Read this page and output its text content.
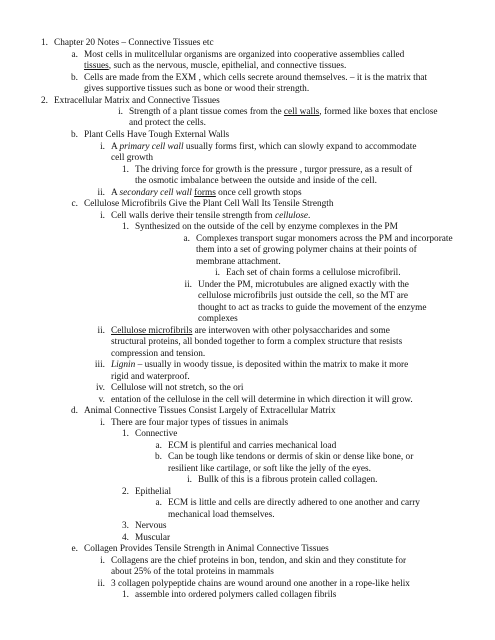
1. Chapter 20 Notes – Connective Tissues etc
a. Most cells in mulitcellular organisms are organized into cooperative assemblies called
tissues, such as the nervous, muscle, epithelial, and connective tissues.
b. Cells are made from the EXM , which cells secrete around themselves. – it is the matrix that
gives supportive tissues such as bone or wood their strength.
2. Extracellular Matrix and Connective Tissues
i. Strength of a plant tissue comes from the cell walls, formed like boxes that enclose
and protect the cells.
b. Plant Cells Have Tough External Walls
i. A primary cell wall usually forms first, which can slowly expand to accommodate
cell growth
1. The driving force for growth is the pressure , turgor pressure, as a result of
the osmotic imbalance between the outside and inside of the cell.
ii. A secondary cell wall forms once cell growth stops
c. Cellulose Microfibrils Give the Plant Cell Wall Its Tensile Strength
i. Cell walls derive their tensile strength from cellulose.
1. Synthesized on the outside of the cell by enzyme complexes in the PM
a. Complexes transport sugar monomers across the PM and incorporate
them into a set of growing polymer chains at their points of
membrane attachment.
i. Each set of chain forms a cellulose microfibril.
ii. Under the PM, microtubules are aligned exactly with the
cellulose microfibrils just outside the cell, so the MT are
thought to act as tracks to guide the movement of the enzyme
complexes
ii. Cellulose microfibrils are interwoven with other polysaccharides and some
structural proteins, all bonded together to form a complex structure that resists
compression and tension.
iii. Lignin – usually in woody tissue, is deposited within the matrix to make it more
rigid and waterproof.
iv. Cellulose will not stretch, so the ori
v. entation of the cellulose in the cell will determine in which direction it will grow.
d. Animal Connective Tissues Consist Largely of Extracellular Matrix
i. There are four major types of tissues in animals
1. Connective
a. ECM is plentiful and carries mechanical load
b. Can be tough like tendons or dermis of skin or dense like bone, or
resilient like cartilage, or soft like the jelly of the eyes.
i. Bullk of this is a fibrous protein called collagen.
2. Epithelial
a. ECM is little and cells are directly adhered to one another and carry
mechanical load themselves.
3. Nervous
4. Muscular
e. Collagen Provides Tensile Strength in Animal Connective Tissues
i. Collagens are the chief proteins in bon, tendon, and skin and they constitute for
about 25% of the total proteins in mammals
ii. 3 collagen polypeptide chains are wound around one another in a rope-like helix
1. assemble into ordered polymers called collagen fibrils
